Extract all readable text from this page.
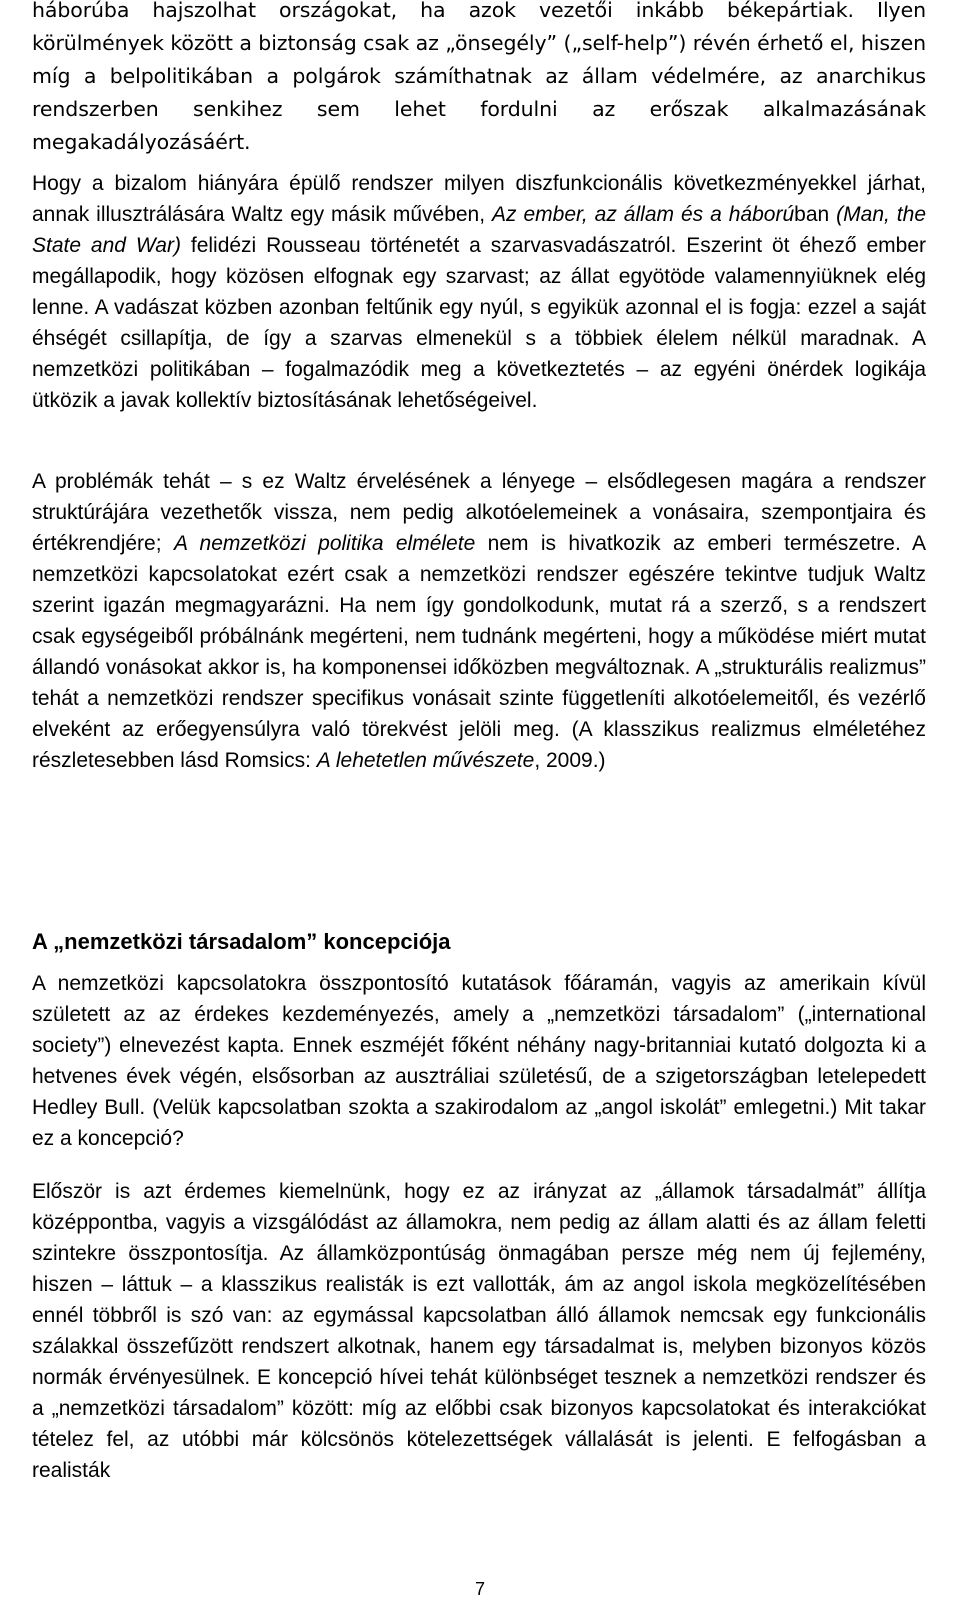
háborúba hajszolhat országokat, ha azok vezetői inkább békepártiak. Ilyen körülmények között a biztonság csak az „önsegély” („self-help”) révén érhető el, hiszen míg a belpolitikában a polgárok számíthatnak az állam védelmére, az anarchikus rendszerben senkihez sem lehet fordulni az erőszak alkalmazásának megakadályozásáért.

Hogy a bizalom hiányára épülő rendszer milyen diszfunkcionális következményekkel járhat, annak illusztrálására Waltz egy másik művében, Az ember, az állam és a háborúban (Man, the State and War) felidézi Rousseau történetét a szarvasvadászatról. Eszerint öt éhező ember megállapodik, hogy közösen elfognak egy szarvast; az állat egyötöde valamennyiüknek elég lenne. A vadászat közben azonban feltűnik egy nyúl, s egyikük azonnal el is fogja: ezzel a saját éhségét csillapítja, de így a szarvas elmenekül s a többiek élelem nélkül maradnak. A nemzetközi politikában – fogalmazódik meg a következtetés – az egyéni önérdek logikája ütközik a javak kollektív biztosításának lehetőségeivel.

A problémák tehát – s ez Waltz érvelésének a lényege – elsődlegesen magára a rendszer struktúrájára vezethetők vissza, nem pedig alkotóelemeinek a vonásaira, szempontjaira és értékrendjére; A nemzetközi politika elmélete nem is hivatkozik az emberi természetre. A nemzetközi kapcsolatokat ezért csak a nemzetközi rendszer egészére tekintve tudjuk Waltz szerint igazán megmagyarázni. Ha nem így gondolkodunk, mutat rá a szerző, s a rendszert csak egységeiből próbálnánk megérteni, nem tudnánk megérteni, hogy a működése miért mutat állandó vonásokat akkor is, ha komponensei időközben megváltoznak. A „strukturális realizmus” tehát a nemzetközi rendszer specifikus vonásait szinte függetleníti alkotóelemeitől, és vezérlő elveként az erőegyensúlyra való törekvést jelöli meg. (A klasszikus realizmus elméletéhez részletesebben lásd Romsics: A lehetetlen művészete, 2009.)

A „nemzetközi társadalom” koncepciója

A nemzetközi kapcsolatokra összpontosító kutatások főáramán, vagyis az amerikain kívül született az az érdekes kezdeményezés, amely a „nemzetközi társadalom” („international society”) elnevezést kapta. Ennek eszméjét főként néhány nagy-britanniai kutató dolgozta ki a hetvenes évek végén, elsősorban az ausztráliai születésű, de a szigetországban letelepedett Hedley Bull. (Velük kapcsolatban szokta a szakirodalom az „angol iskolát” emlegetni.) Mit takar ez a koncepció?

Először is azt érdemes kiemelnünk, hogy ez az irányzat az „államok társadalmát” állítja középpontba, vagyis a vizsgálódást az államokra, nem pedig az állam alatti és az állam feletti szintekre összpontosítja. Az államközpontúság önmagában persze még nem új fejlemény, hiszen – láttuk – a klasszikus realisták is ezt vallották, ám az angol iskola megközelítésében ennél többről is szó van: az egymással kapcsolatban álló államok nemcsak egy funkcionális szálakkal összefűzött rendszert alkotnak, hanem egy társadalmat is, melyben bizonyos közös normák érvényesülnek. E koncepció hívei tehát különbséget tesznek a nemzetközi rendszer és a „nemzetközi társadalom” között: míg az előbbi csak bizonyos kapcsolatokat és interakciókat tételez fel, az utóbbi már kölcsönös kötelezettségek vállalását is jelenti. E felfogásban a realisták

7
